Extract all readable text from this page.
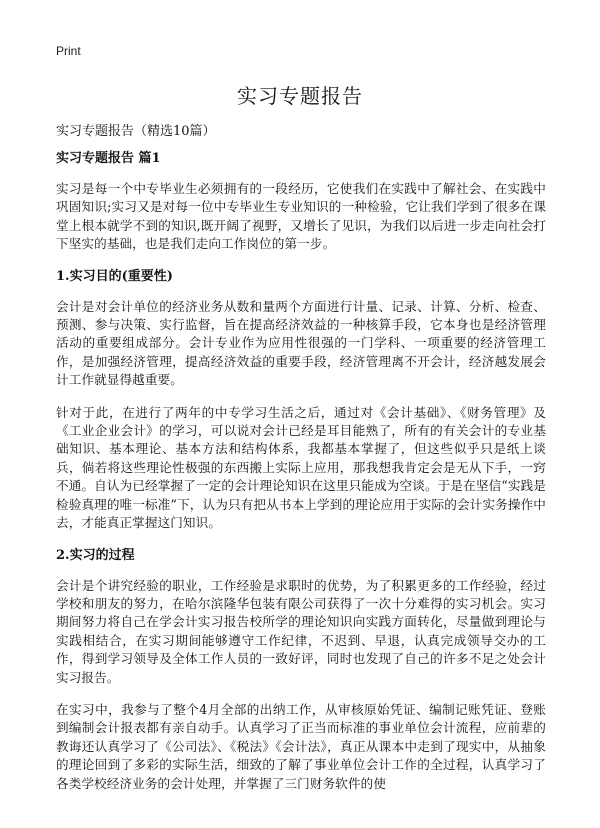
Print
实习专题报告

实习专题报告（精选10篇）

实习专题报告 篇1

实习是每一个中专毕业生必须拥有的一段经历，它使我们在实践中了解社会、在实践中巩固知识;实习又是对每一位中专毕业生专业知识的一种检验，它让我们学到了很多在课堂上根本就学不到的知识,既开阔了视野，又增长了见识，为我们以后进一步走向社会打下坚实的基础，也是我们走向工作岗位的第一步。

1.实习目的(重要性)

会计是对会计单位的经济业务从数和量两个方面进行计量、记录、计算、分析、检查、预测、参与决策、实行监督，旨在提高经济效益的一种核算手段，它本身也是经济管理活动的重要组成部分。会计专业作为应用性很强的一门学科、一项重要的经济管理工作，是加强经济管理，提高经济效益的重要手段，经济管理离不开会计，经济越发展会计工作就显得越重要。

针对于此，在进行了两年的中专学习生活之后，通过对《会计基础》、《财务管理》及《工业企业会计》的学习，可以说对会计已经是耳目能熟了，所有的有关会计的专业基础知识、基本理论、基本方法和结构体系，我都基本掌握了，但这些似乎只是纸上谈兵，倘若将这些理论性极强的东西搬上实际上应用，那我想我肯定会是无从下手，一窍不通。自认为已经掌握了一定的会计理论知识在这里只能成为空谈。于是在坚信“实践是检验真理的唯一标准”下，认为只有把从书本上学到的理论应用于实际的会计实务操作中去，才能真正掌握这门知识。

2.实习的过程

会计是个讲究经验的职业，工作经验是求职时的优势，为了积累更多的工作经验，经过学校和朋友的努力，在哈尔滨隆华包装有限公司获得了一次十分难得的实习机会。实习期间努力将自己在学会计实习报告校所学的理论知识向实践方面转化，尽量做到理论与实践相结合，在实习期间能够遵守工作纪律，不迟到、早退，认真完成领导交办的工作，得到学习领导及全体工作人员的一致好评，同时也发现了自己的许多不足之处会计实习报告。

在实习中，我参与了整个4月全部的出纳工作，从审核原始凭证、编制记账凭证、登账到编制会计报表都有亲自动手。认真学习了正当而标准的事业单位会计流程，应前辈的教诲还认真学习了《公司法》、《税法》《会计法》，真正从课本中走到了现实中，从抽象的理论回到了多彩的实际生活，细致的了解了事业单位会计工作的全过程，认真学习了各类学校经济业务的会计处理，并掌握了三门财务软件的使
